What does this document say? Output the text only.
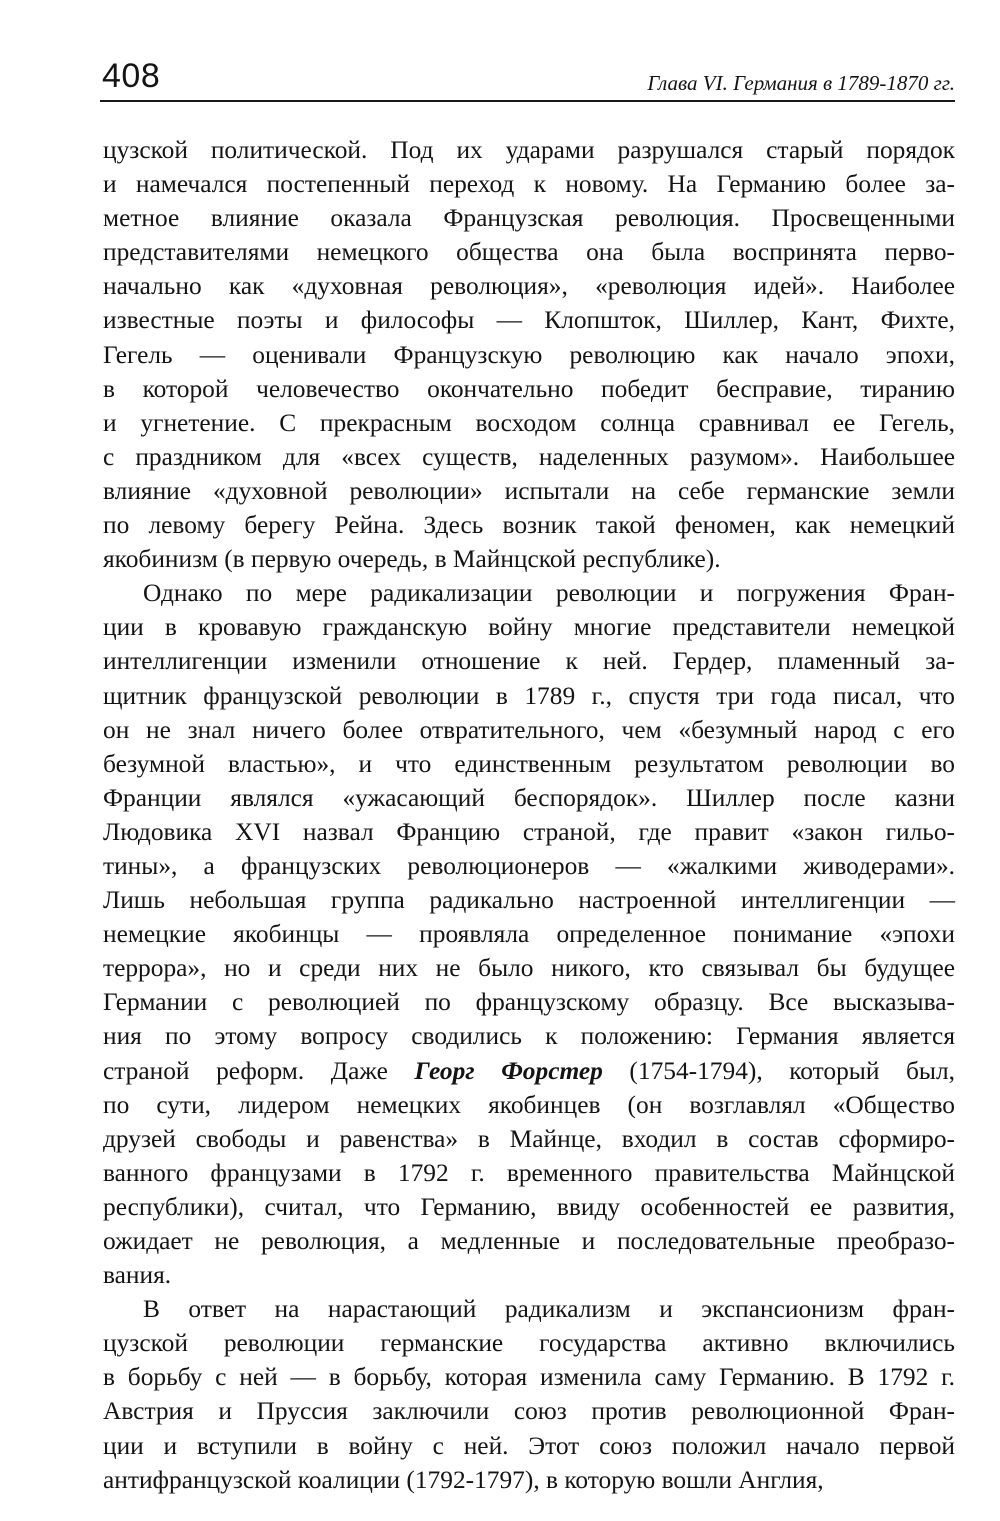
408	Глава VI. Германия в 1789-1870 гг.
цузской политической. Под их ударами разрушался старый порядок
и намечался постепенный переход к новому. На Германию более за-
метное влияние оказала Французская революция. Просвещенными
представителями немецкого общества она была воспринята перво-
начально как «духовная революция», «революция идей». Наиболее
известные поэты и философы — Клопшток, Шиллер, Кант, Фихте,
Гегель — оценивали Французскую революцию как начало эпохи,
в которой человечество окончательно победит бесправие, тиранию
и угнетение. С прекрасным восходом солнца сравнивал ее Гегель,
с праздником для «всех существ, наделенных разумом». Наибольшее
влияние «духовной революции» испытали на себе германские земли
по левому берегу Рейна. Здесь возник такой феномен, как немецкий
якобинизм (в первую очередь, в Майнцской республике).
Однако по мере радикализации революции и погружения Фран-
ции в кровавую гражданскую войну многие представители немецкой
интеллигенции изменили отношение к ней. Гердер, пламенный за-
щитник французской революции в 1789 г., спустя три года писал, что
он не знал ничего более отвратительного, чем «безумный народ с его
безумной властью», и что единственным результатом революции во
Франции являлся «ужасающий беспорядок». Шиллер после казни
Людовика XVI назвал Францию страной, где правит «закон гильо-
тины», а французских революционеров — «жалкими живодерами».
Лишь небольшая группа радикально настроенной интеллигенции —
немецкие якобинцы — проявляла определенное понимание «эпохи
террора», но и среди них не было никого, кто связывал бы будущее
Германии с революцией по французскому образцу. Все высказыва-
ния по этому вопросу сводились к положению: Германия является
страной реформ. Даже Георг Форстер (1754-1794), который был,
по сути, лидером немецких якобинцев (он возглавлял «Общество
друзей свободы и равенства» в Майнце, входил в состав сформиро-
ванного французами в 1792 г. временного правительства Майнцской
республики), считал, что Германию, ввиду особенностей ее развития,
ожидает не революция, а медленные и последовательные преобразо-
вания.
В ответ на нарастающий радикализм и экспансионизм фран-
цузской революции германские государства активно включились
в борьбу с ней — в борьбу, которая изменила саму Германию. В 1792 г.
Австрия и Пруссия заключили союз против революционной Фран-
ции и вступили в войну с ней. Этот союз положил начало первой
антифранцузской коалиции (1792-1797), в которую вошли Англия,
